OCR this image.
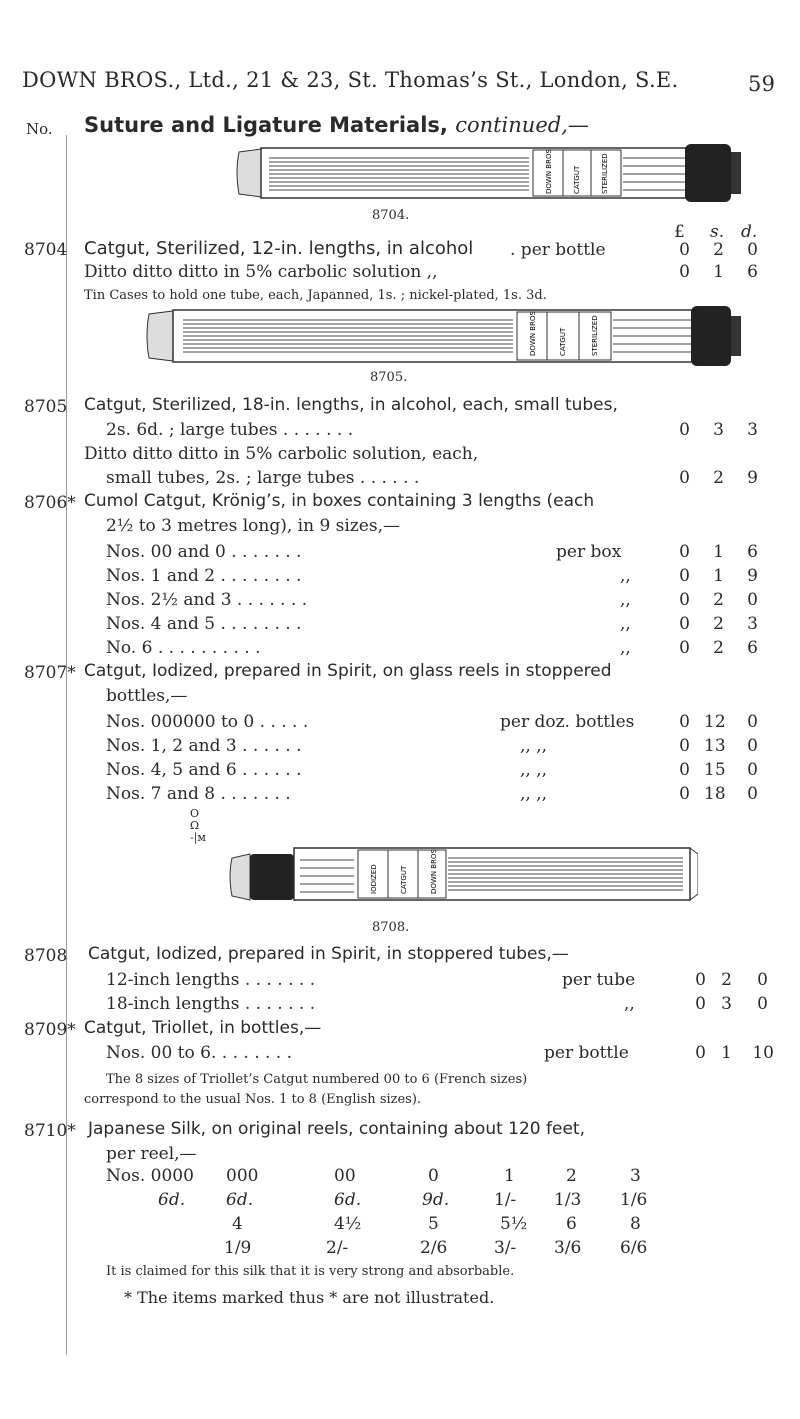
DOWN BROS., Ltd., 21 & 23, St. Thomas’s St., London, S.E.	59
No. Suture and Ligature Materials, continued,—
DOWN BROS	CATGUT	STERILIZED
8704.
£ s. d.
8704 Catgut, Sterilized, 12-in. lengths, in alcohol . per bottle	0	2	0
Ditto ditto ditto in 5% carbolic solution ,,	0	1	6
Tin Cases to hold one tube, each, Japanned, 1s. ; nickel-plated, 1s. 3d.
DOWN BROS	CATGUT	STERILIZED
8705.
8705 Catgut, Sterilized, 18-in. lengths, in alcohol, each, small tubes,
2s. 6d. ; large tubes . . . . . . .	0	3	3
Ditto ditto ditto in 5% carbolic solution, each,
small tubes, 2s. ; large tubes . . . . . .	0	2	9
8706* Cumol Catgut, Krönig’s, in boxes containing 3 lengths (each
2½ to 3 metres long), in 9 sizes,—
Nos. 00 and 0 . . . . . . .	per box	0	1	6
Nos. 1 and 2 . . . . . . . .	,,	0	1	9
Nos. 2½ and 3 . . . . . . .	,,	0	2	0
Nos. 4 and 5 . . . . . . . .	,,	0	2	3
No. 6 . . . . . . . . . .	,,	0	2	6
8707* Catgut, Iodized, prepared in Spirit, on glass reels in stoppered
bottles,—
Nos. 000000 to 0 . . . . .	per doz. bottles	0 12	0
Nos. 1, 2 and 3 . . . . . .	,, ,,	0 13	0
Nos. 4, 5 and 6 . . . . . .	,, ,,	0 15	0
Nos. 7 and 8 . . . . . . .	,, ,,	0 18	0
O
Ω
-|ᴍ
IODIZED	CATGUT	DOWN BROS
8708.
8708 Catgut, Iodized, prepared in Spirit, in stoppered tubes,—
12-inch lengths . . . . . . .	per tube	0 2	0
18-inch lengths . . . . . . .	,,	0 3	0
8709* Catgut, Triollet, in bottles,—
Nos. 00 to 6. . . . . . . .	per bottle	0 1 10
The 8 sizes of Triollet’s Catgut numbered 00 to 6 (French sizes)
correspond to the usual Nos. 1 to 8 (English sizes).
8710* Japanese Silk, on original reels, containing about 120 feet,
per reel,—
Nos. 0000 000	00	0	1	2	3
6d. 6d.	6d.	9d.	1/- 1/3 1/6
4	4½	5	5½ 6	8
1/9	2/-	2/6	3/- 3/6 6/6
It is claimed for this silk that it is very strong and absorbable.
* The items marked thus * are not illustrated.
